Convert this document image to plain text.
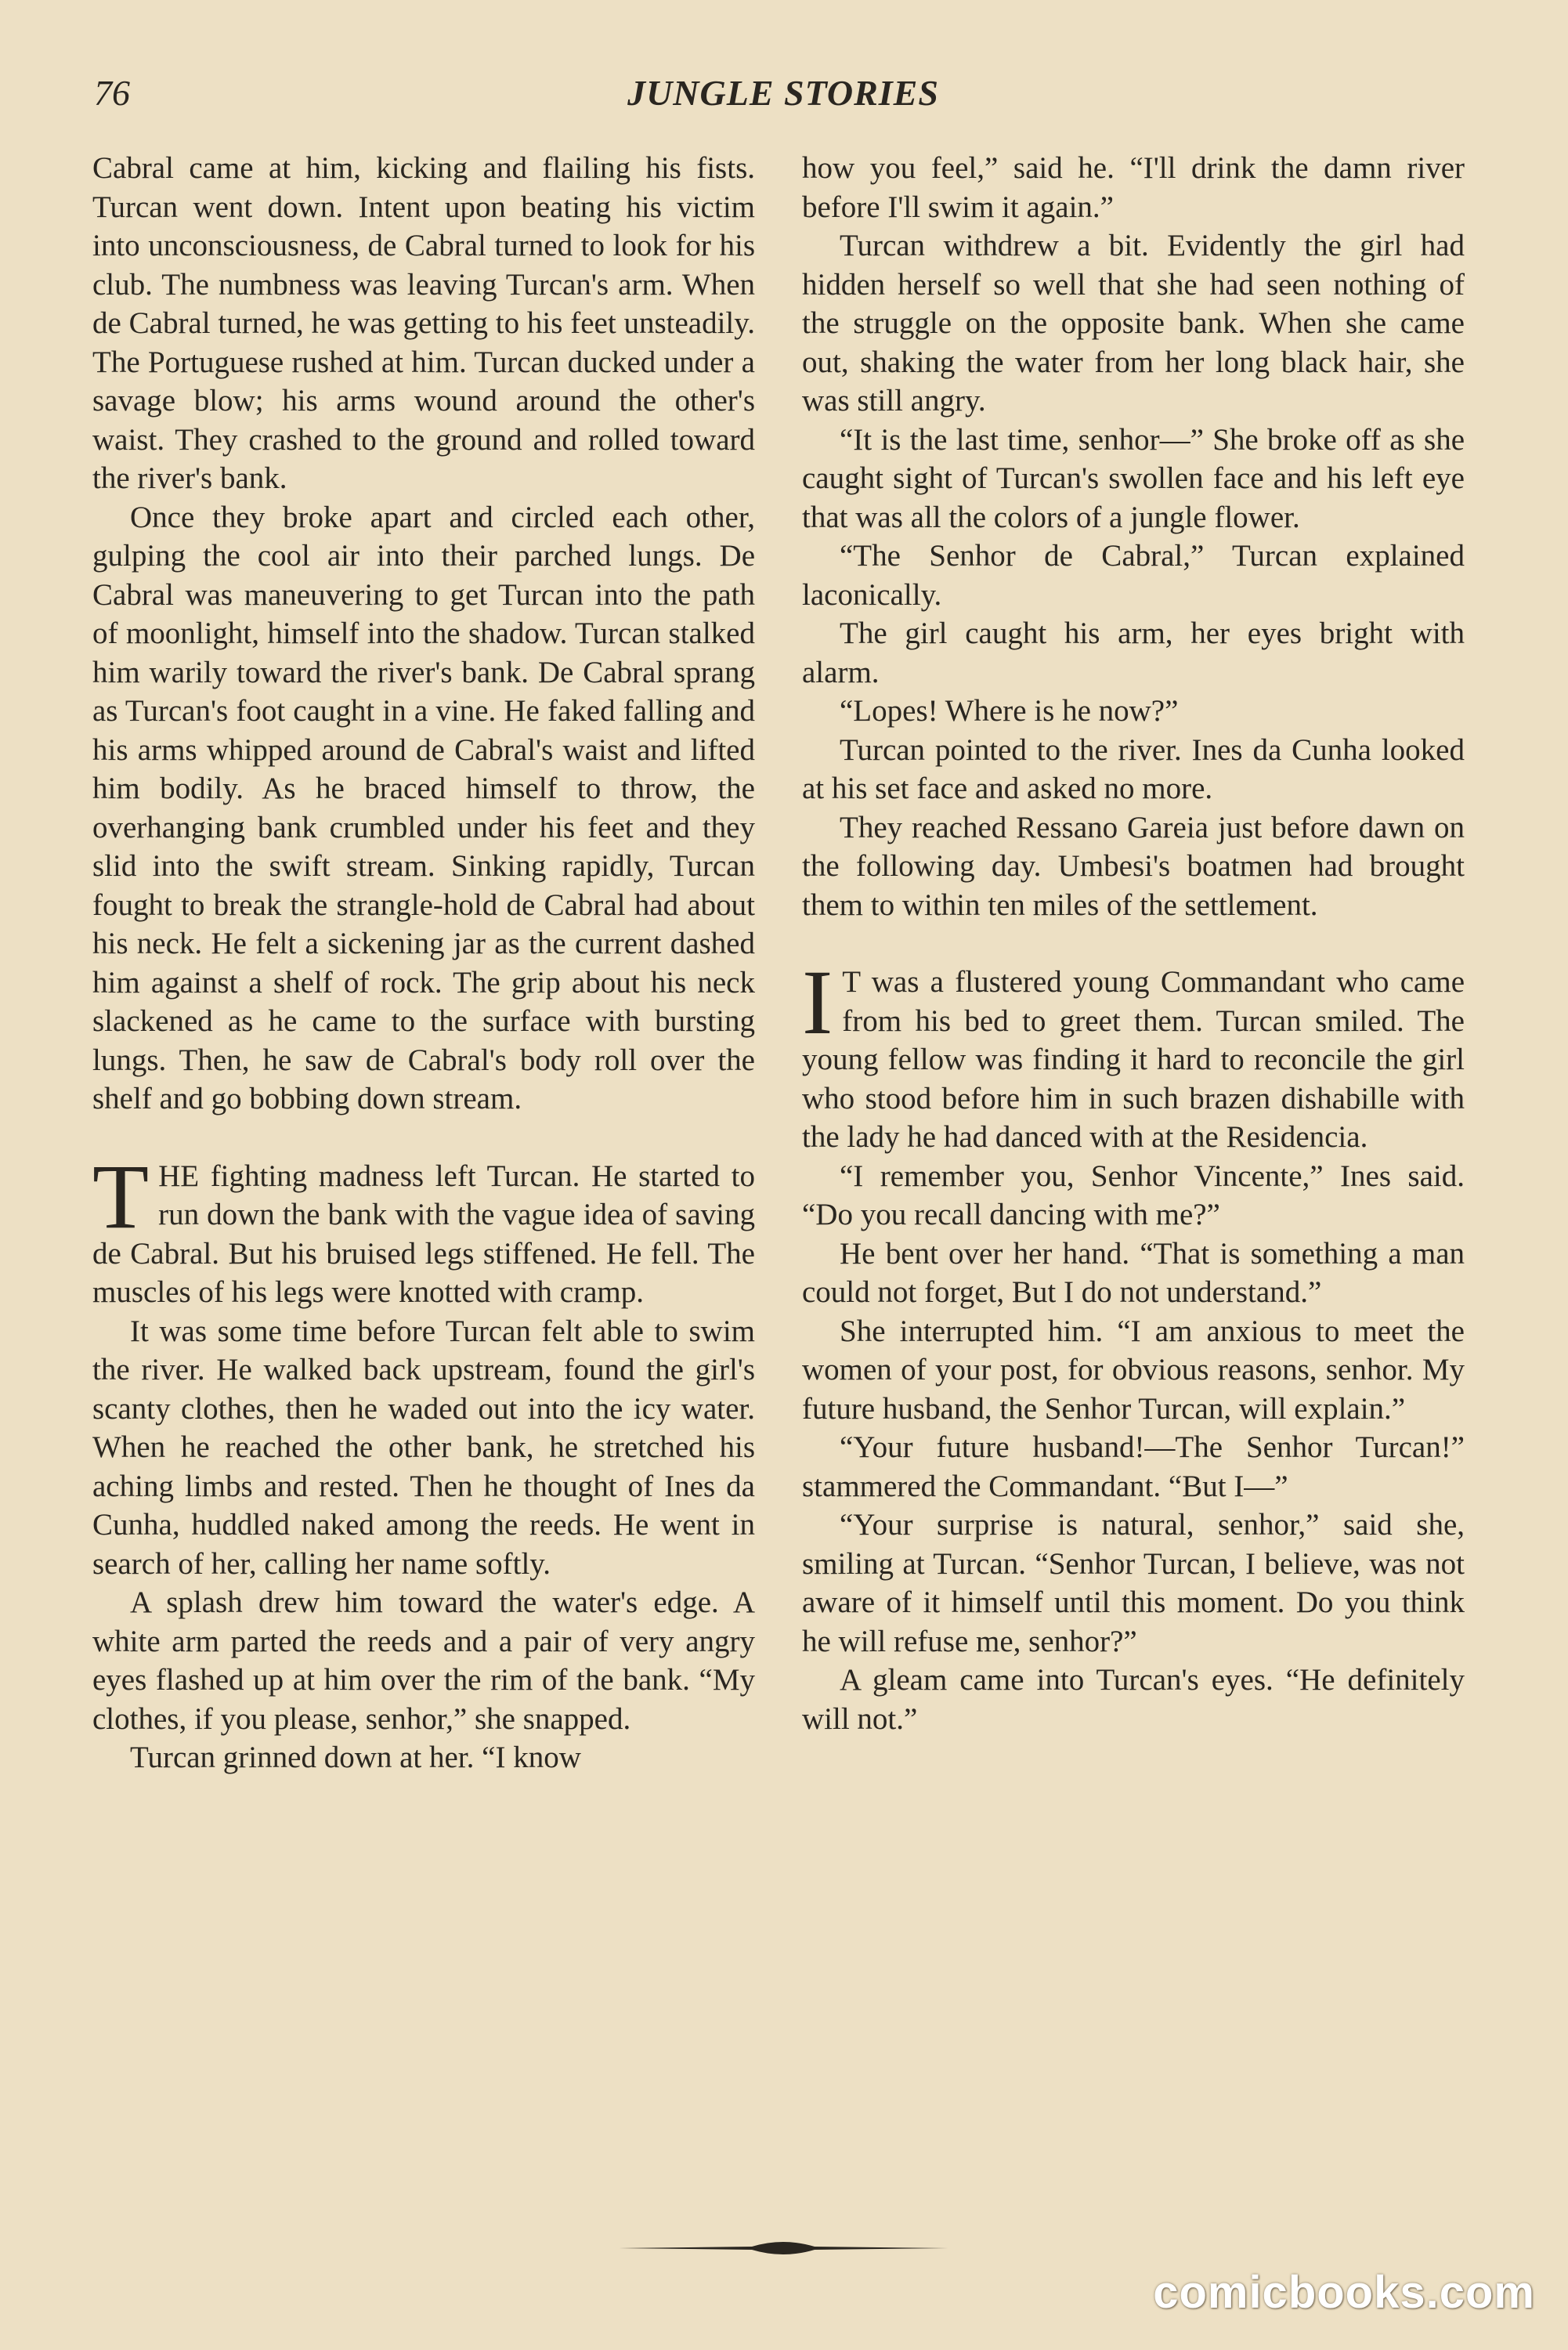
76	JUNGLE STORIES

Cabral came at him, kicking and flailing his fists. Turcan went down. Intent upon beating his victim into unconsciousness, de Cabral turned to look for his club. The numbness was leaving Turcan's arm. When de Cabral turned, he was getting to his feet unsteadily. The Portuguese rushed at him. Turcan ducked under a savage blow; his arms wound around the other's waist. They crashed to the ground and rolled toward the river's bank.

Once they broke apart and circled each other, gulping the cool air into their parched lungs. De Cabral was maneuvering to get Turcan into the path of moonlight, himself into the shadow. Turcan stalked him warily toward the river's bank. De Cabral sprang as Turcan's foot caught in a vine. He faked falling and his arms whipped around de Cabral's waist and lifted him bodily. As he braced himself to throw, the overhanging bank crumbled under his feet and they slid into the swift stream. Sinking rapidly, Turcan fought to break the strangle-hold de Cabral had about his neck. He felt a sickening jar as the current dashed him against a shelf of rock. The grip about his neck slackened as he came to the surface with bursting lungs. Then, he saw de Cabral's body roll over the shelf and go bobbing down stream.

THE fighting madness left Turcan. He started to run down the bank with the vague idea of saving de Cabral. But his bruised legs stiffened. He fell. The muscles of his legs were knotted with cramp.

It was some time before Turcan felt able to swim the river. He walked back upstream, found the girl's scanty clothes, then he waded out into the icy water. When he reached the other bank, he stretched his aching limbs and rested. Then he thought of Ines da Cunha, huddled naked among the reeds. He went in search of her, calling her name softly.

A splash drew him toward the water's edge. A white arm parted the reeds and a pair of very angry eyes flashed up at him over the rim of the bank. “My clothes, if you please, senhor,” she snapped.

Turcan grinned down at her. “I know

how you feel,” said he. “I'll drink the damn river before I'll swim it again.”

Turcan withdrew a bit. Evidently the girl had hidden herself so well that she had seen nothing of the struggle on the opposite bank. When she came out, shaking the water from her long black hair, she was still angry.

“It is the last time, senhor—” She broke off as she caught sight of Turcan's swollen face and his left eye that was all the colors of a jungle flower.

“The Senhor de Cabral,” Turcan explained laconically.

The girl caught his arm, her eyes bright with alarm.

“Lopes! Where is he now?”

Turcan pointed to the river. Ines da Cunha looked at his set face and asked no more.

They reached Ressano Gareia just before dawn on the following day. Umbesi's boatmen had brought them to within ten miles of the settlement.

I T was a flustered young Commandant who came from his bed to greet them. Turcan smiled. The young fellow was finding it hard to reconcile the girl who stood before him in such brazen dishabille with the lady he had danced with at the Residencia.

“I remember you, Senhor Vincente,” Ines said. “Do you recall dancing with me?”

He bent over her hand. “That is something a man could not forget, But I do not understand.”

She interrupted him. “I am anxious to meet the women of your post, for obvious reasons, senhor. My future husband, the Senhor Turcan, will explain.”

“Your future husband!—The Senhor Turcan!” stammered the Commandant. “But I—”

“Your surprise is natural, senhor,” said she, smiling at Turcan. “Senhor Turcan, I believe, was not aware of it himself until this moment. Do you think he will refuse me, senhor?”

A gleam came into Turcan's eyes. “He definitely will not.”

comicbooks.com
